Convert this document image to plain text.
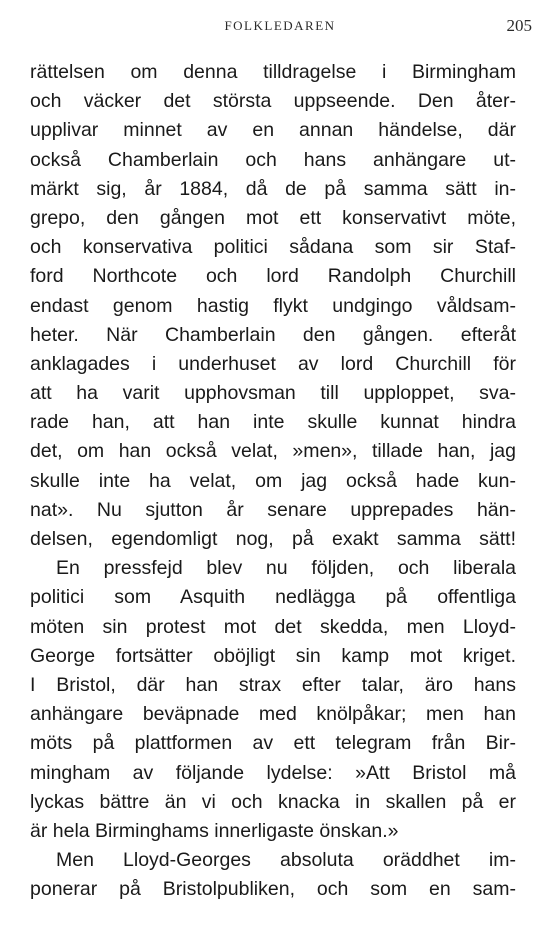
FOLKLEDAREN	205
rättelsen om denna tilldragelse i Birmingham
och väcker det största uppseende. Den åter-
upplivar minnet av en annan händelse, där
också Chamberlain och hans anhängare ut-
märkt sig, år 1884, då de på samma sätt in-
grepo, den gången mot ett konservativt möte,
och konservativa politici sådana som sir Staf-
ford Northcote och lord Randolph Churchill
endast genom hastig flykt undgingo våldsam-
heter. När Chamberlain den gången. efteråt
anklagades i underhuset av lord Churchill för
att ha varit upphovsman till upploppet, sva-
rade han, att han inte skulle kunnat hindra
det, om han också velat, »men», tillade han, jag
skulle inte ha velat, om jag också hade kun-
nat». Nu sjutton år senare upprepades hän-
delsen, egendomligt nog, på exakt samma sätt!
En pressfejd blev nu följden, och liberala
politici som Asquith nedlägga på offentliga
möten sin protest mot det skedda, men Lloyd-
George fortsätter oböjligt sin kamp mot kriget.
I Bristol, där han strax efter talar, äro hans
anhängare beväpnade med knölpåkar; men han
möts på plattformen av ett telegram från Bir-
mingham av följande lydelse: »Att Bristol må
lyckas bättre än vi och knacka in skallen på er
är hela Birminghams innerligaste önskan.»
Men Lloyd-Georges absoluta oräddhet im-
ponerar på Bristolpubliken, och som en sam-
